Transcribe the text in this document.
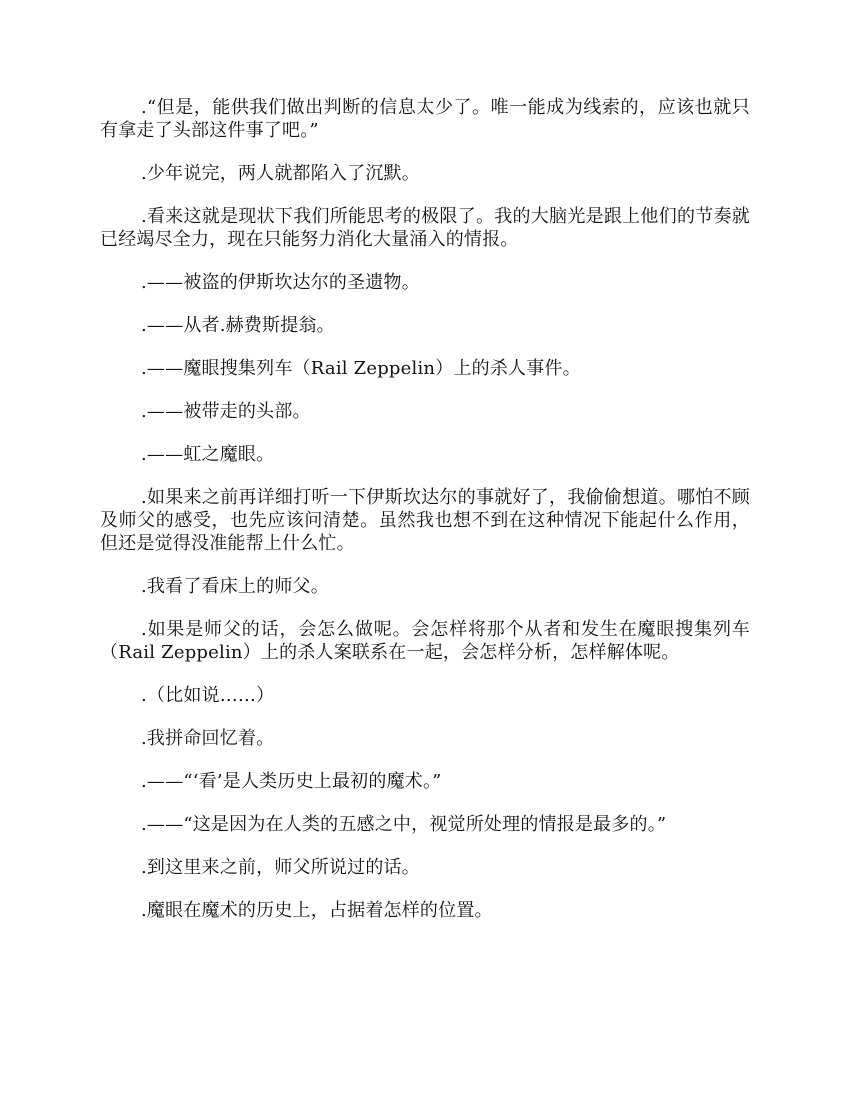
.“但是，能供我们做出判断的信息太少了。唯一能成为线索的，应该也就只有拿走了头部这件事了吧。”

.少年说完，两人就都陷入了沉默。

.看来这就是现状下我们所能思考的极限了。我的大脑光是跟上他们的节奏就已经竭尽全力，现在只能努力消化大量涌入的情报。

.——被盗的伊斯坎达尔的圣遗物。

.——从者.赫费斯提翁。

.——魔眼搜集列车（Rail Zeppelin）上的杀人事件。

.——被带走的头部。

.——虹之魔眼。

.如果来之前再详细打听一下伊斯坎达尔的事就好了，我偷偷想道。哪怕不顾及师父的感受，也先应该问清楚。虽然我也想不到在这种情况下能起什么作用，但还是觉得没准能帮上什么忙。

.我看了看床上的师父。

.如果是师父的话，会怎么做呢。会怎样将那个从者和发生在魔眼搜集列车（Rail Zeppelin）上的杀人案联系在一起，会怎样分析，怎样解体呢。

.（比如说……）

.我拼命回忆着。

.——“‘看’是人类历史上最初的魔术。”

.——“这是因为在人类的五感之中，视觉所处理的情报是最多的。”

.到这里来之前，师父所说过的话。

.魔眼在魔术的历史上，占据着怎样的位置。
